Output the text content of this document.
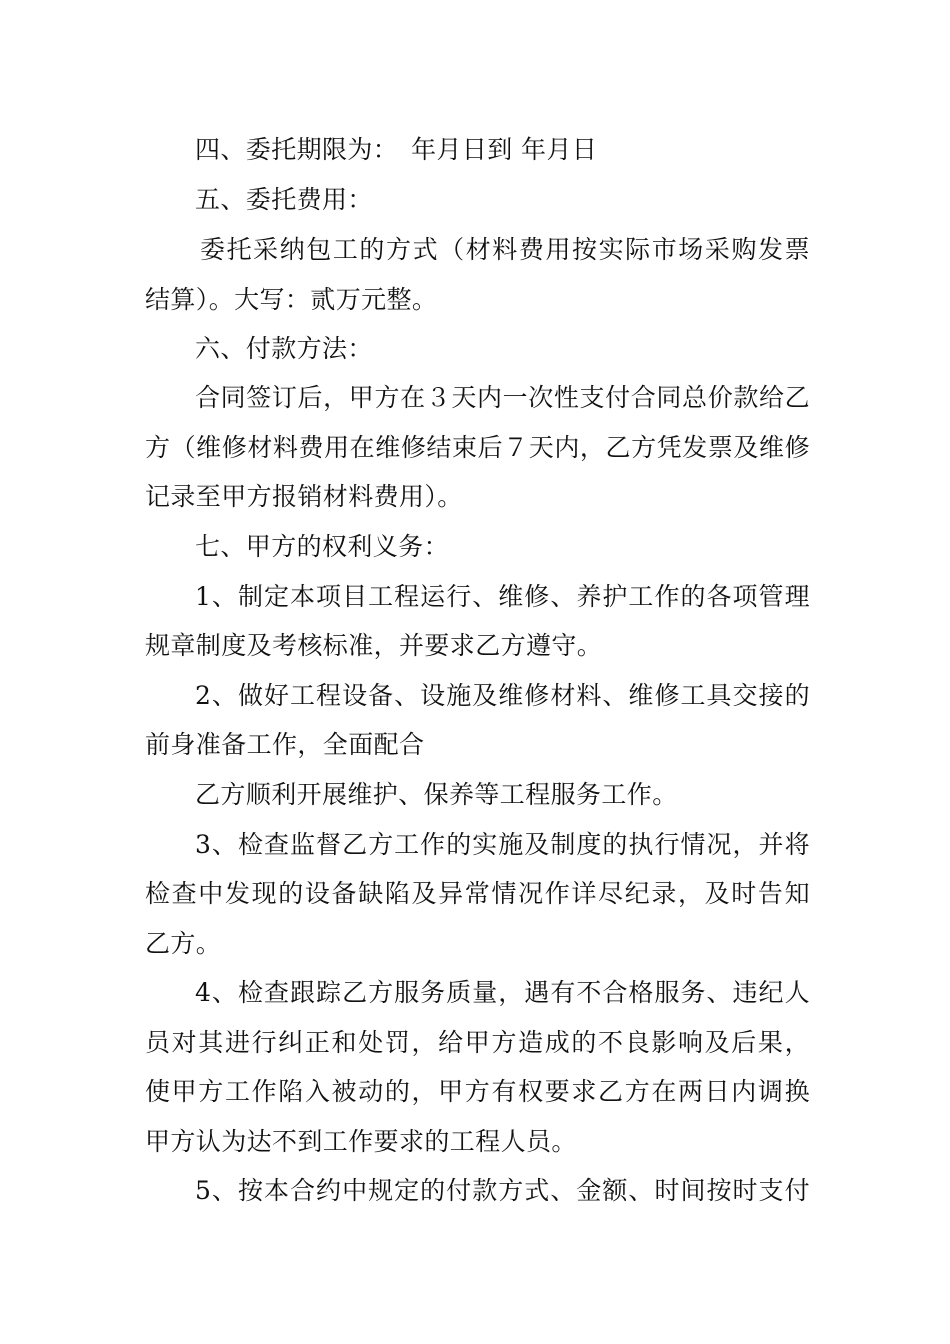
四、委托期限为：　年月日到 年月日
五、委托费用：
委托采纳包工的方式（材料费用按实际市场采购发票
结算）。大写：贰万元整。
六、付款方法：
合同签订后，甲方在３天内一次性支付合同总价款给乙
方（维修材料费用在维修结束后７天内，乙方凭发票及维修
记录至甲方报销材料费用）。
七、甲方的权利义务：
1、制定本项目工程运行、维修、养护工作的各项管理
规章制度及考核标准，并要求乙方遵守。
2、做好工程设备、设施及维修材料、维修工具交接的
前身准备工作，全面配合
乙方顺利开展维护、保养等工程服务工作。
3、检查监督乙方工作的实施及制度的执行情况，并将
检查中发现的设备缺陷及异常情况作详尽纪录，及时告知
乙方。
4、检查跟踪乙方服务质量，遇有不合格服务、违纪人
员对其进行纠正和处罚，给甲方造成的不良影响及后果，
使甲方工作陷入被动的，甲方有权要求乙方在两日内调换
甲方认为达不到工作要求的工程人员。
5、按本合约中规定的付款方式、金额、时间按时支付
